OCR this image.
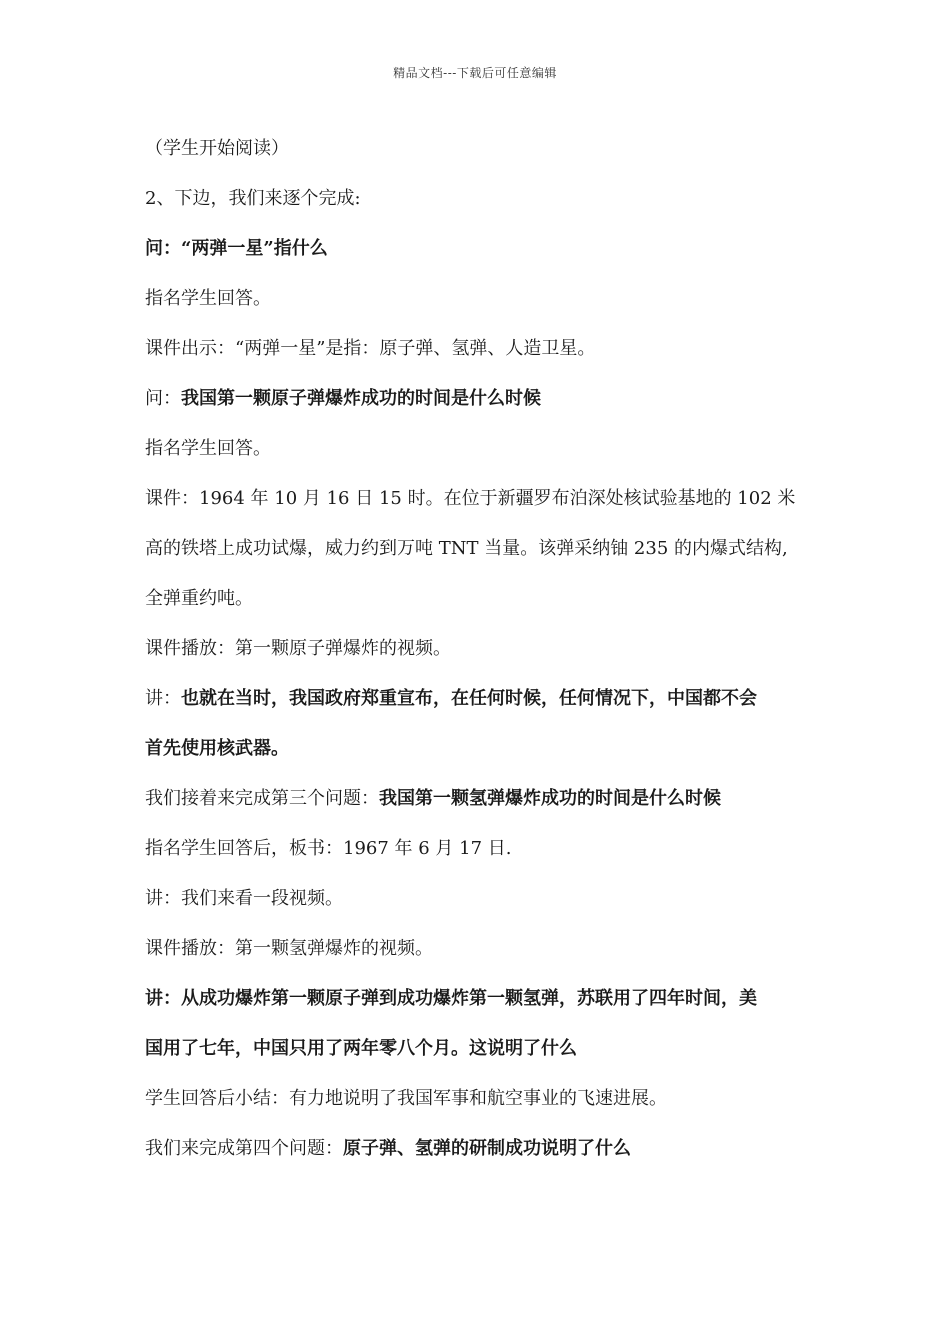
精品文档---下载后可任意编辑
（学生开始阅读）
2、下边，我们来逐个完成:
问：“两弹一星”指什么
指名学生回答。
课件出示：“两弹一星”是指：原子弹、氢弹、人造卫星。
问：我国第一颗原子弹爆炸成功的时间是什么时候
指名学生回答。
课件：1964 年 10 月 16 日 15 时。在位于新疆罗布泊深处核试验基地的 102 米
高的铁塔上成功试爆，威力约到万吨 TNT 当量。该弹采纳铀 235 的内爆式结构,
全弹重约吨。
课件播放：第一颗原子弹爆炸的视频。
讲：也就在当时，我国政府郑重宣布，在任何时候，任何情况下，中国都不会
首先使用核武器。
我们接着来完成第三个问题：我国第一颗氢弹爆炸成功的时间是什么时候
指名学生回答后，板书：1967 年 6 月 17 日.
讲：我们来看一段视频。
课件播放：第一颗氢弹爆炸的视频。
讲：从成功爆炸第一颗原子弹到成功爆炸第一颗氢弹，苏联用了四年时间，美
国用了七年，中国只用了两年零八个月。这说明了什么
学生回答后小结：有力地说明了我国军事和航空事业的飞速进展。
我们来完成第四个问题：原子弹、氢弹的研制成功说明了什么
